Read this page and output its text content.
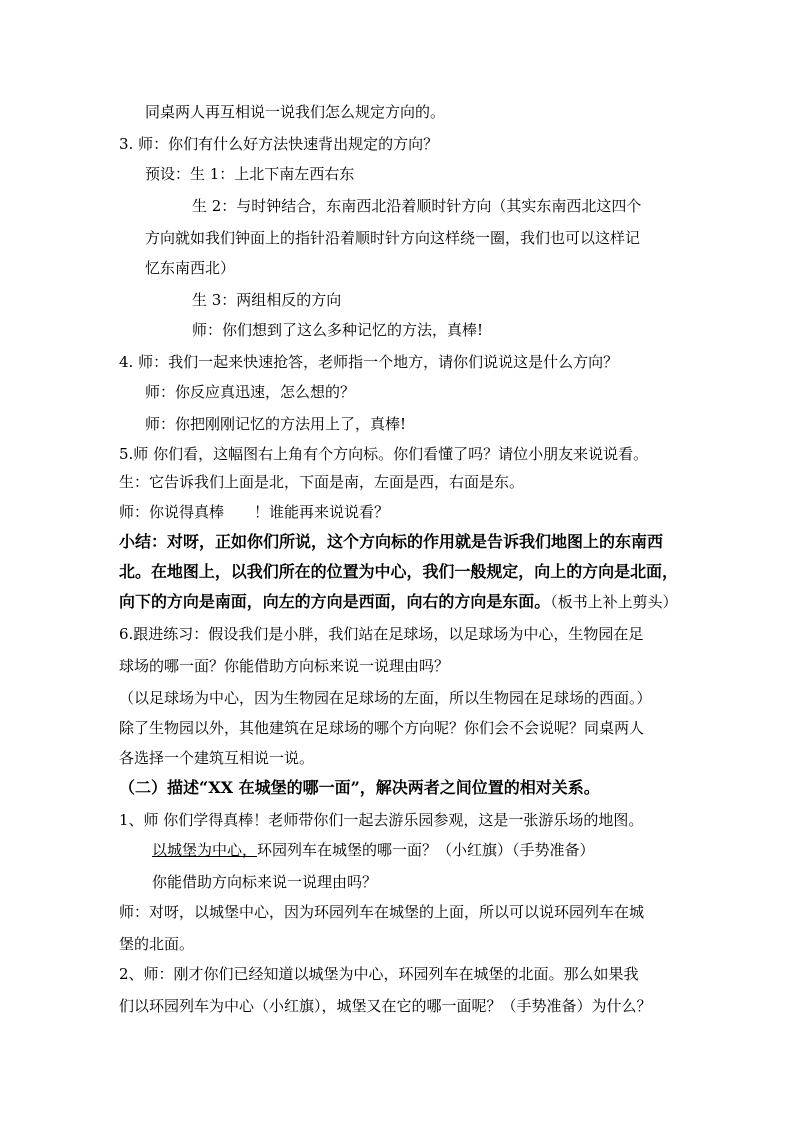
同桌两人再互相说一说我们怎么规定方向的。
3. 师：你们有什么好方法快速背出规定的方向？
预设：生 1：上北下南左西右东
生 2：与时钟结合，东南西北沿着顺时针方向（其实东南西北这四个
方向就如我们钟面上的指针沿着顺时针方向这样绕一圈，我们也可以这样记
忆东南西北）
生 3：两组相反的方向
师：你们想到了这么多种记忆的方法，真棒!
4. 师：我们一起来快速抢答，老师指一个地方，请你们说说这是什么方向？
师：你反应真迅速，怎么想的？
师：你把刚刚记忆的方法用上了，真棒!
5.师 你们看，这幅图右上角有个方向标。你们看懂了吗？请位小朋友来说说看。
生：它告诉我们上面是北，下面是南，左面是西，右面是东。
师：你说得真棒　　！谁能再来说说看？
小结：对呀，正如你们所说，这个方向标的作用就是告诉我们地图上的东南西
北。在地图上，以我们所在的位置为中心，我们一般规定，向上的方向是北面，
向下的方向是南面，向左的方向是西面，向右的方向是东面。（板书上补上剪头）
6.跟进练习：假设我们是小胖，我们站在足球场，以足球场为中心，生物园在足
球场的哪一面？你能借助方向标来说一说理由吗？
（以足球场为中心，因为生物园在足球场的左面，所以生物园在足球场的西面。）
除了生物园以外，其他建筑在足球场的哪个方向呢？你们会不会说呢？同桌两人
各选择一个建筑互相说一说。
（二）描述“XX 在城堡的哪一面”，解决两者之间位置的相对关系。
1、师 你们学得真棒！老师带你们一起去游乐园参观，这是一张游乐场的地图。
以城堡为中心，环园列车在城堡的哪一面？（小红旗）（手势准备）
你能借助方向标来说一说理由吗？
师：对呀，以城堡中心，因为环园列车在城堡的上面，所以可以说环园列车在城
堡的北面。
2、师：刚才你们已经知道以城堡为中心，环园列车在城堡的北面。那么如果我
们以环园列车为中心（小红旗），城堡又在它的哪一面呢？（手势准备）为什么？
